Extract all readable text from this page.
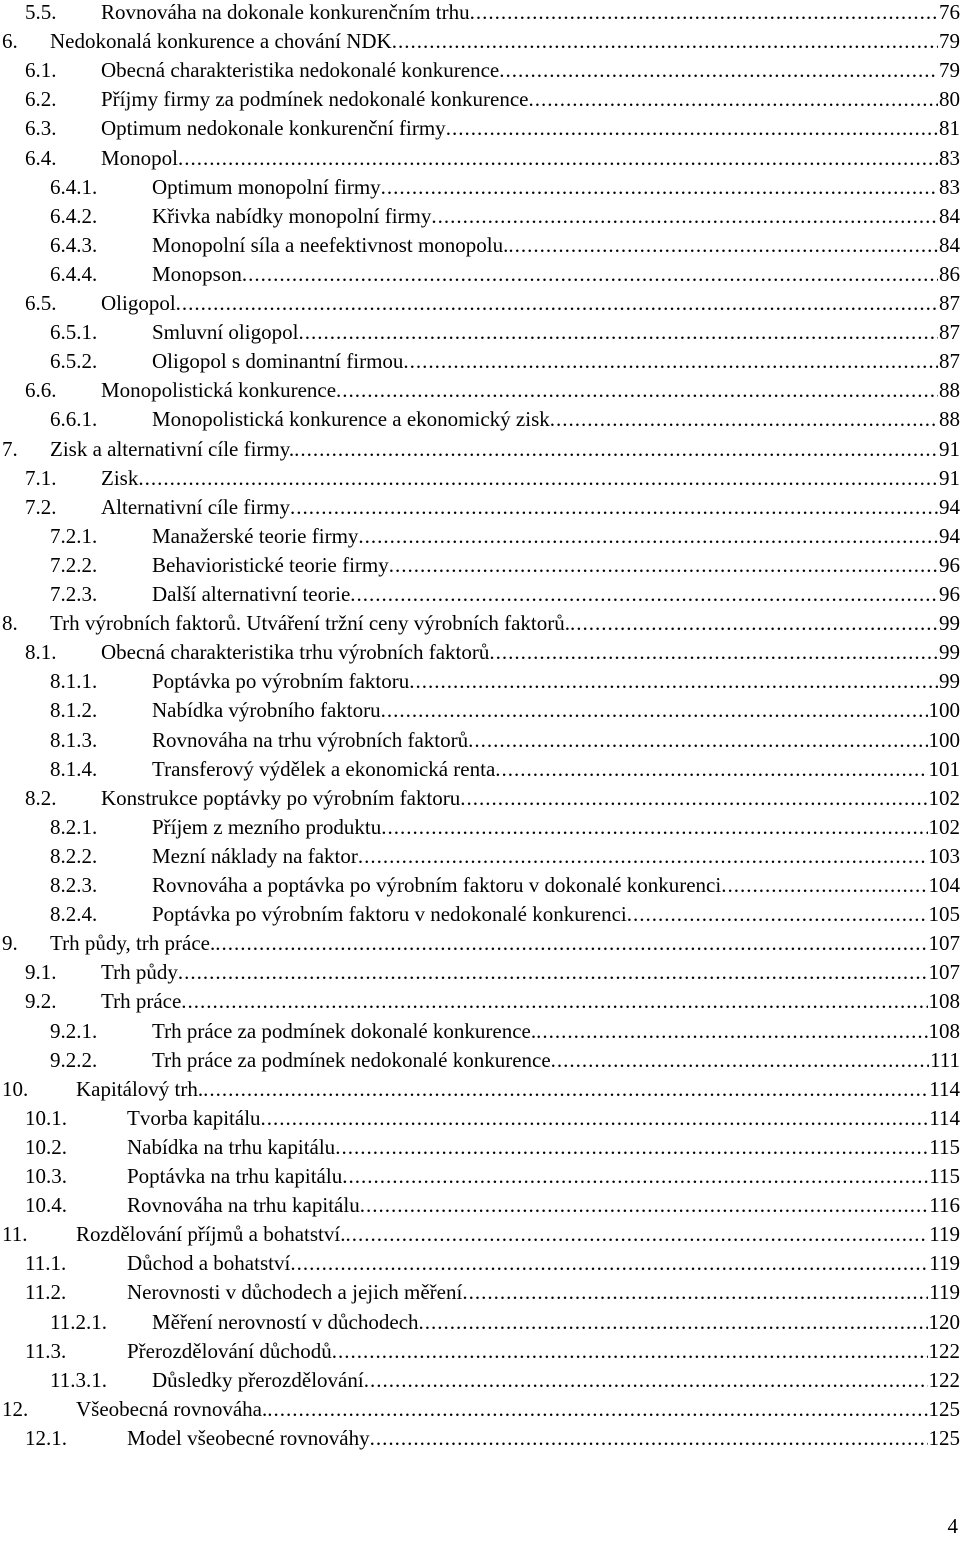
5.5. Rovnováha na dokonale konkurenčním trhu .....	76
6. Nedokonalá konkurence a chování NDK .....	79
6.1. Obecná charakteristika nedokonalé konkurence .....	79
6.2. Příjmy firmy za podmínek nedokonalé konkurence .....	80
6.3. Optimum nedokonale konkurenční firmy .....	81
6.4. Monopol .....	83
6.4.1.	Optimum monopolní firmy .....	83
6.4.2.	Křivka nabídky monopolní firmy .....	84
6.4.3.	Monopolní síla a neefektivnost monopolu. .....	84
6.4.4.	Monopson .....	86
6.5. Oligopol .....	87
6.5.1.	Smluvní oligopol .....	87
6.5.2.	Oligopol s dominantní firmou .....	87
6.6. Monopolistická konkurence .....	88
6.6.1.	Monopolistická konkurence a ekonomický zisk .....	88
7. Zisk a alternativní cíle firmy. .....	91
7.1. Zisk .....	91
7.2. Alternativní cíle firmy .....	94
7.2.1.	Manažerské teorie firmy .....	94
7.2.2.	Behavioristické teorie firmy .....	96
7.2.3.	Další alternativní teorie .....	96
8. Trh výrobních faktorů. Utváření tržní ceny výrobních faktorů. .....	99
8.1. Obecná charakteristika trhu výrobních faktorů .....	99
8.1.1.	Poptávka po výrobním faktoru .....	99
8.1.2.	Nabídka výrobního faktoru .....	100
8.1.3.	Rovnováha na trhu výrobních faktorů .....	100
8.1.4.	Transferový výdělek a ekonomická renta .....	101
8.2. Konstrukce poptávky po výrobním faktoru .....	102
8.2.1.	Příjem z mezního produktu .....	102
8.2.2.	Mezní náklady na faktor .....	103
8.2.3.	Rovnováha a poptávka po výrobním faktoru v dokonalé konkurenci .....	104
8.2.4.	Poptávka po výrobním faktoru v nedokonalé konkurenci .....	105
9. Trh půdy, trh práce. .....	107
9.1. Trh půdy .....	107
9.2. Trh práce .....	108
9.2.1.	Trh práce za podmínek dokonalé konkurence. .....	108
9.2.2.	Trh práce za podmínek nedokonalé konkurence .....	111
10. Kapitálový trh. .....	114
10.1.	Tvorba kapitálu .....	114
10.2.	Nabídka na trhu kapitálu .....	115
10.3.	Poptávka na trhu kapitálu .....	115
10.4.	Rovnováha na trhu kapitálu .....	116
11. Rozdělování příjmů a bohatství. .....	119
11.1.	Důchod a bohatství .....	119
11.2.	Nerovnosti v důchodech a jejich měření .....	119
11.2.1. Měření nerovností v důchodech .....	120
11.3.	Přerozdělování důchodů .....	122
11.3.1. Důsledky přerozdělování .....	122
12. Všeobecná rovnováha. .....	125
12.1.	Model všeobecné rovnováhy .....	125
4
